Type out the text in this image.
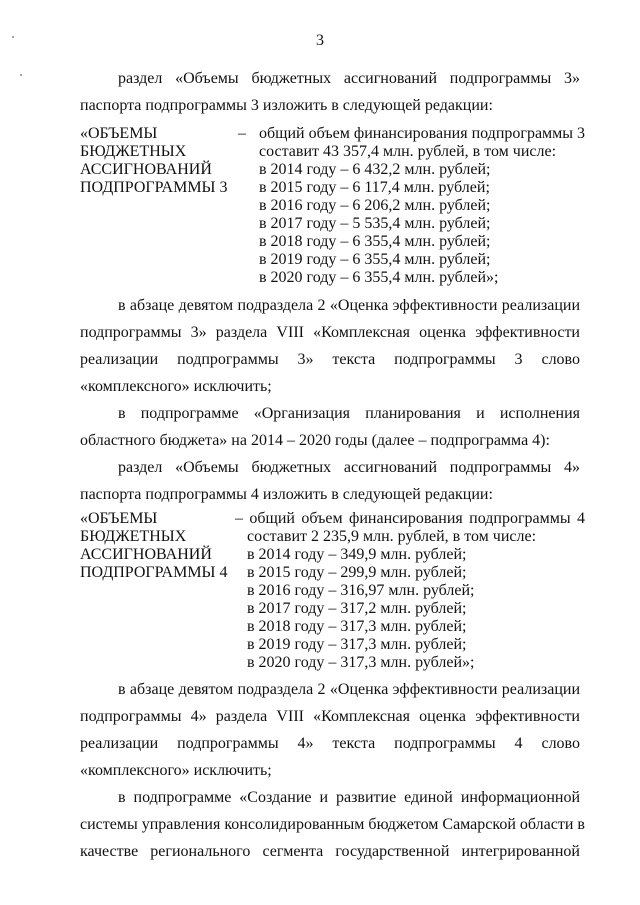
3
раздел «Объемы бюджетных ассигнований подпрограммы 3»
паспорта подпрограммы 3 изложить в следующей редакции:
«ОБЪЕМЫ
БЮДЖЕТНЫХ
АССИГНОВАНИЙ
ПОДПРОГРАММЫ 3
– общий объем финансирования подпрограммы 3
составит 43 357,4 млн. рублей, в том числе:
в 2014 году – 6 432,2 млн. рублей;
в 2015 году – 6 117,4 млн. рублей;
в 2016 году – 6 206,2 млн. рублей;
в 2017 году – 5 535,4 млн. рублей;
в 2018 году – 6 355,4 млн. рублей;
в 2019 году – 6 355,4 млн. рублей;
в 2020 году – 6 355,4 млн. рублей»;
в абзаце девятом подраздела 2 «Оценка эффективности реализации
подпрограммы 3» раздела VIII «Комплексная оценка эффективности
реализации подпрограммы 3» текста подпрограммы 3 слово
«комплексного» исключить;
в подпрограмме «Организация планирования и исполнения
областного бюджета» на 2014 – 2020 годы (далее – подпрограмма 4):
раздел «Объемы бюджетных ассигнований подпрограммы 4»
паспорта подпрограммы 4 изложить в следующей редакции:
«ОБЪЕМЫ
БЮДЖЕТНЫХ
АССИГНОВАНИЙ
ПОДПРОГРАММЫ 4
– общий объем финансирования подпрограммы 4
составит 2 235,9 млн. рублей, в том числе:
в 2014 году – 349,9 млн. рублей;
в 2015 году – 299,9 млн. рублей;
в 2016 году – 316,97 млн. рублей;
в 2017 году – 317,2 млн. рублей;
в 2018 году – 317,3 млн. рублей;
в 2019 году – 317,3 млн. рублей;
в 2020 году – 317,3 млн. рублей»;
в абзаце девятом подраздела 2 «Оценка эффективности реализации
подпрограммы 4» раздела VIII «Комплексная оценка эффективности
реализации подпрограммы 4» текста подпрограммы 4 слово
«комплексного» исключить;
в подпрограмме «Создание и развитие единой информационной
системы управления консолидированным бюджетом Самарской области в
качестве регионального сегмента государственной интегрированной
